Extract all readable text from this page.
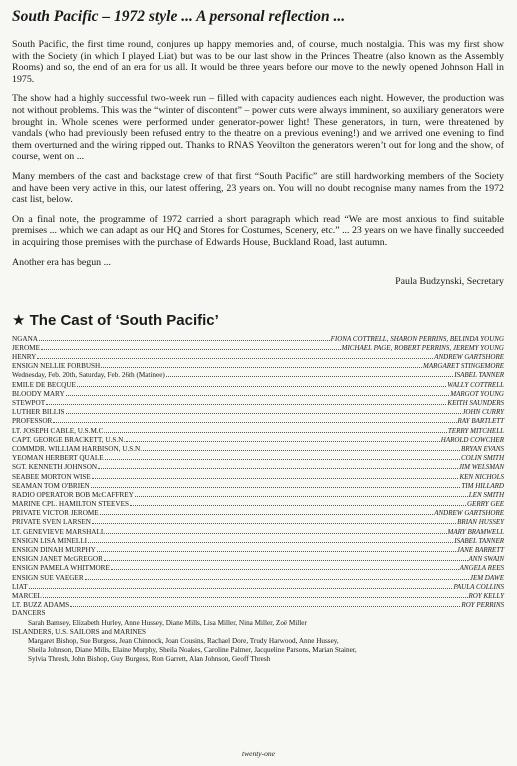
South Pacific – 1972 style ... A personal reflection ...

South Pacific, the first time round, conjures up happy memories and, of course, much nostalgia. This was my first show with the Society (in which I played Liat) but was to be our last show in the Princes Theatre (also known as the Assembly Rooms) and so, the end of an era for us all. It would be three years before our move to the newly opened Johnson Hall in 1975.

The show had a highly successful two-week run – filled with capacity audiences each night. However, the production was not without problems. This was the “winter of discontent” – power cuts were always imminent, so auxiliary generators were brought in. Whole scenes were performed under generator-power light! These generators, in turn, were threatened by vandals (who had previously been refused entry to the theatre on a previous evening!) and we arrived one evening to find them overturned and the wiring ripped out. Thanks to RNAS Yeovilton the generators weren’t out for long and the show, of course, went on ...

Many members of the cast and backstage crew of that first “South Pacific” are still hardworking members of the Society and have been very active in this, our latest offering, 23 years on. You will no doubt recognise many names from the 1972 cast list, below.

On a final note, the programme of 1972 carried a short paragraph which read “We are most anxious to find suitable premises ... which we can adapt as our HQ and Stores for Costumes, Scenery, etc.” ... 23 years on we have finally succeeded in acquiring those premises with the purchase of Edwards House, Buckland Road, last autumn.

Another era has begun ...

Paula Budzynski, Secretary

★ The Cast of ‘South Pacific’
NGANA	FIONA COTTRELL, SHARON PERRINS, BELINDA YOUNG
JEROME	MICHAEL PAGE, ROBERT PERRINS, JEREMY YOUNG
HENRY	ANDREW GARTSHORE
ENSIGN NELLIE FORBUSH	MARGARET STINGEMORE
Wednesday, Feb. 20th, Saturday, Feb. 26th (Matinee)	ISABEL TANNER
EMILE DE BECQUE	WALLY COTTRELL
BLOODY MARY	MARGOT YOUNG
STEWPOT	KEITH SAUNDERS
LUTHER BILLIS	JOHN CURRY
PROFESSOR	RAY BARTLETT
LT. JOSEPH CABLE, U.S.M.C.	TERRY MITCHELL
CAPT. GEORGE BRACKETT, U.S.N.	HAROLD COWCHER
COMMDR. WILLIAM HARBISON, U.S.N.	BRYAN EVANS
YEOMAN HERBERT QUALE	COLIN SMITH
SGT. KENNETH JOHNSON	JIM WELSMAN
SEABEE MORTON WISE	KEN NICHOLS
SEAMAN TOM O'BRIEN	TIM HILLARD
RADIO OPERATOR BOB McCAFFREY	LEN SMITH
MARINE CPL. HAMILTON STEEVES	GERRY GEE
PRIVATE VICTOR JEROME	ANDREW GARTSHORE
PRIVATE SVEN LARSEN	BRIAN HUSSEY
LT. GENEVIEVE MARSHALL	MARY BRAMWELL
ENSIGN LISA MINELLI	ISABEL TANNER
ENSIGN DINAH MURPHY	JANE BARRETT
ENSIGN JANET McGREGOR	ANN SWAIN
ENSIGN PAMELA WHITMORE	ANGELA REES
ENSIGN SUE VAEGER	JEM DAWE
LIAT	PAULA COLLINS
MARCEL	ROY KELLY
LT. BUZZ ADAMS	ROY PERRINS
DANCERS

Sarah Bamsey, Elizabeth Hurley, Anne Hussey, Diane Mills, Lisa Miller, Nina Miller, Zoë Miller

ISLANDERS, U.S. SAILORS and MARINES

Margaret Bishop, Sue Burgess, Jean Chinnock, Joan Cousins, Rachael Dore, Trudy Harwood, Anne Hussey,

Sheila Johnson, Diane Mills, Elaine Murphy, Sheila Noakes, Caroline Palmer, Jacqueline Parsons, Marian Stainer,

Sylvia Thresh, John Bishop, Guy Burgess, Ron Garrett, Alan Johnson, Geoff Thresh

twenty-one
